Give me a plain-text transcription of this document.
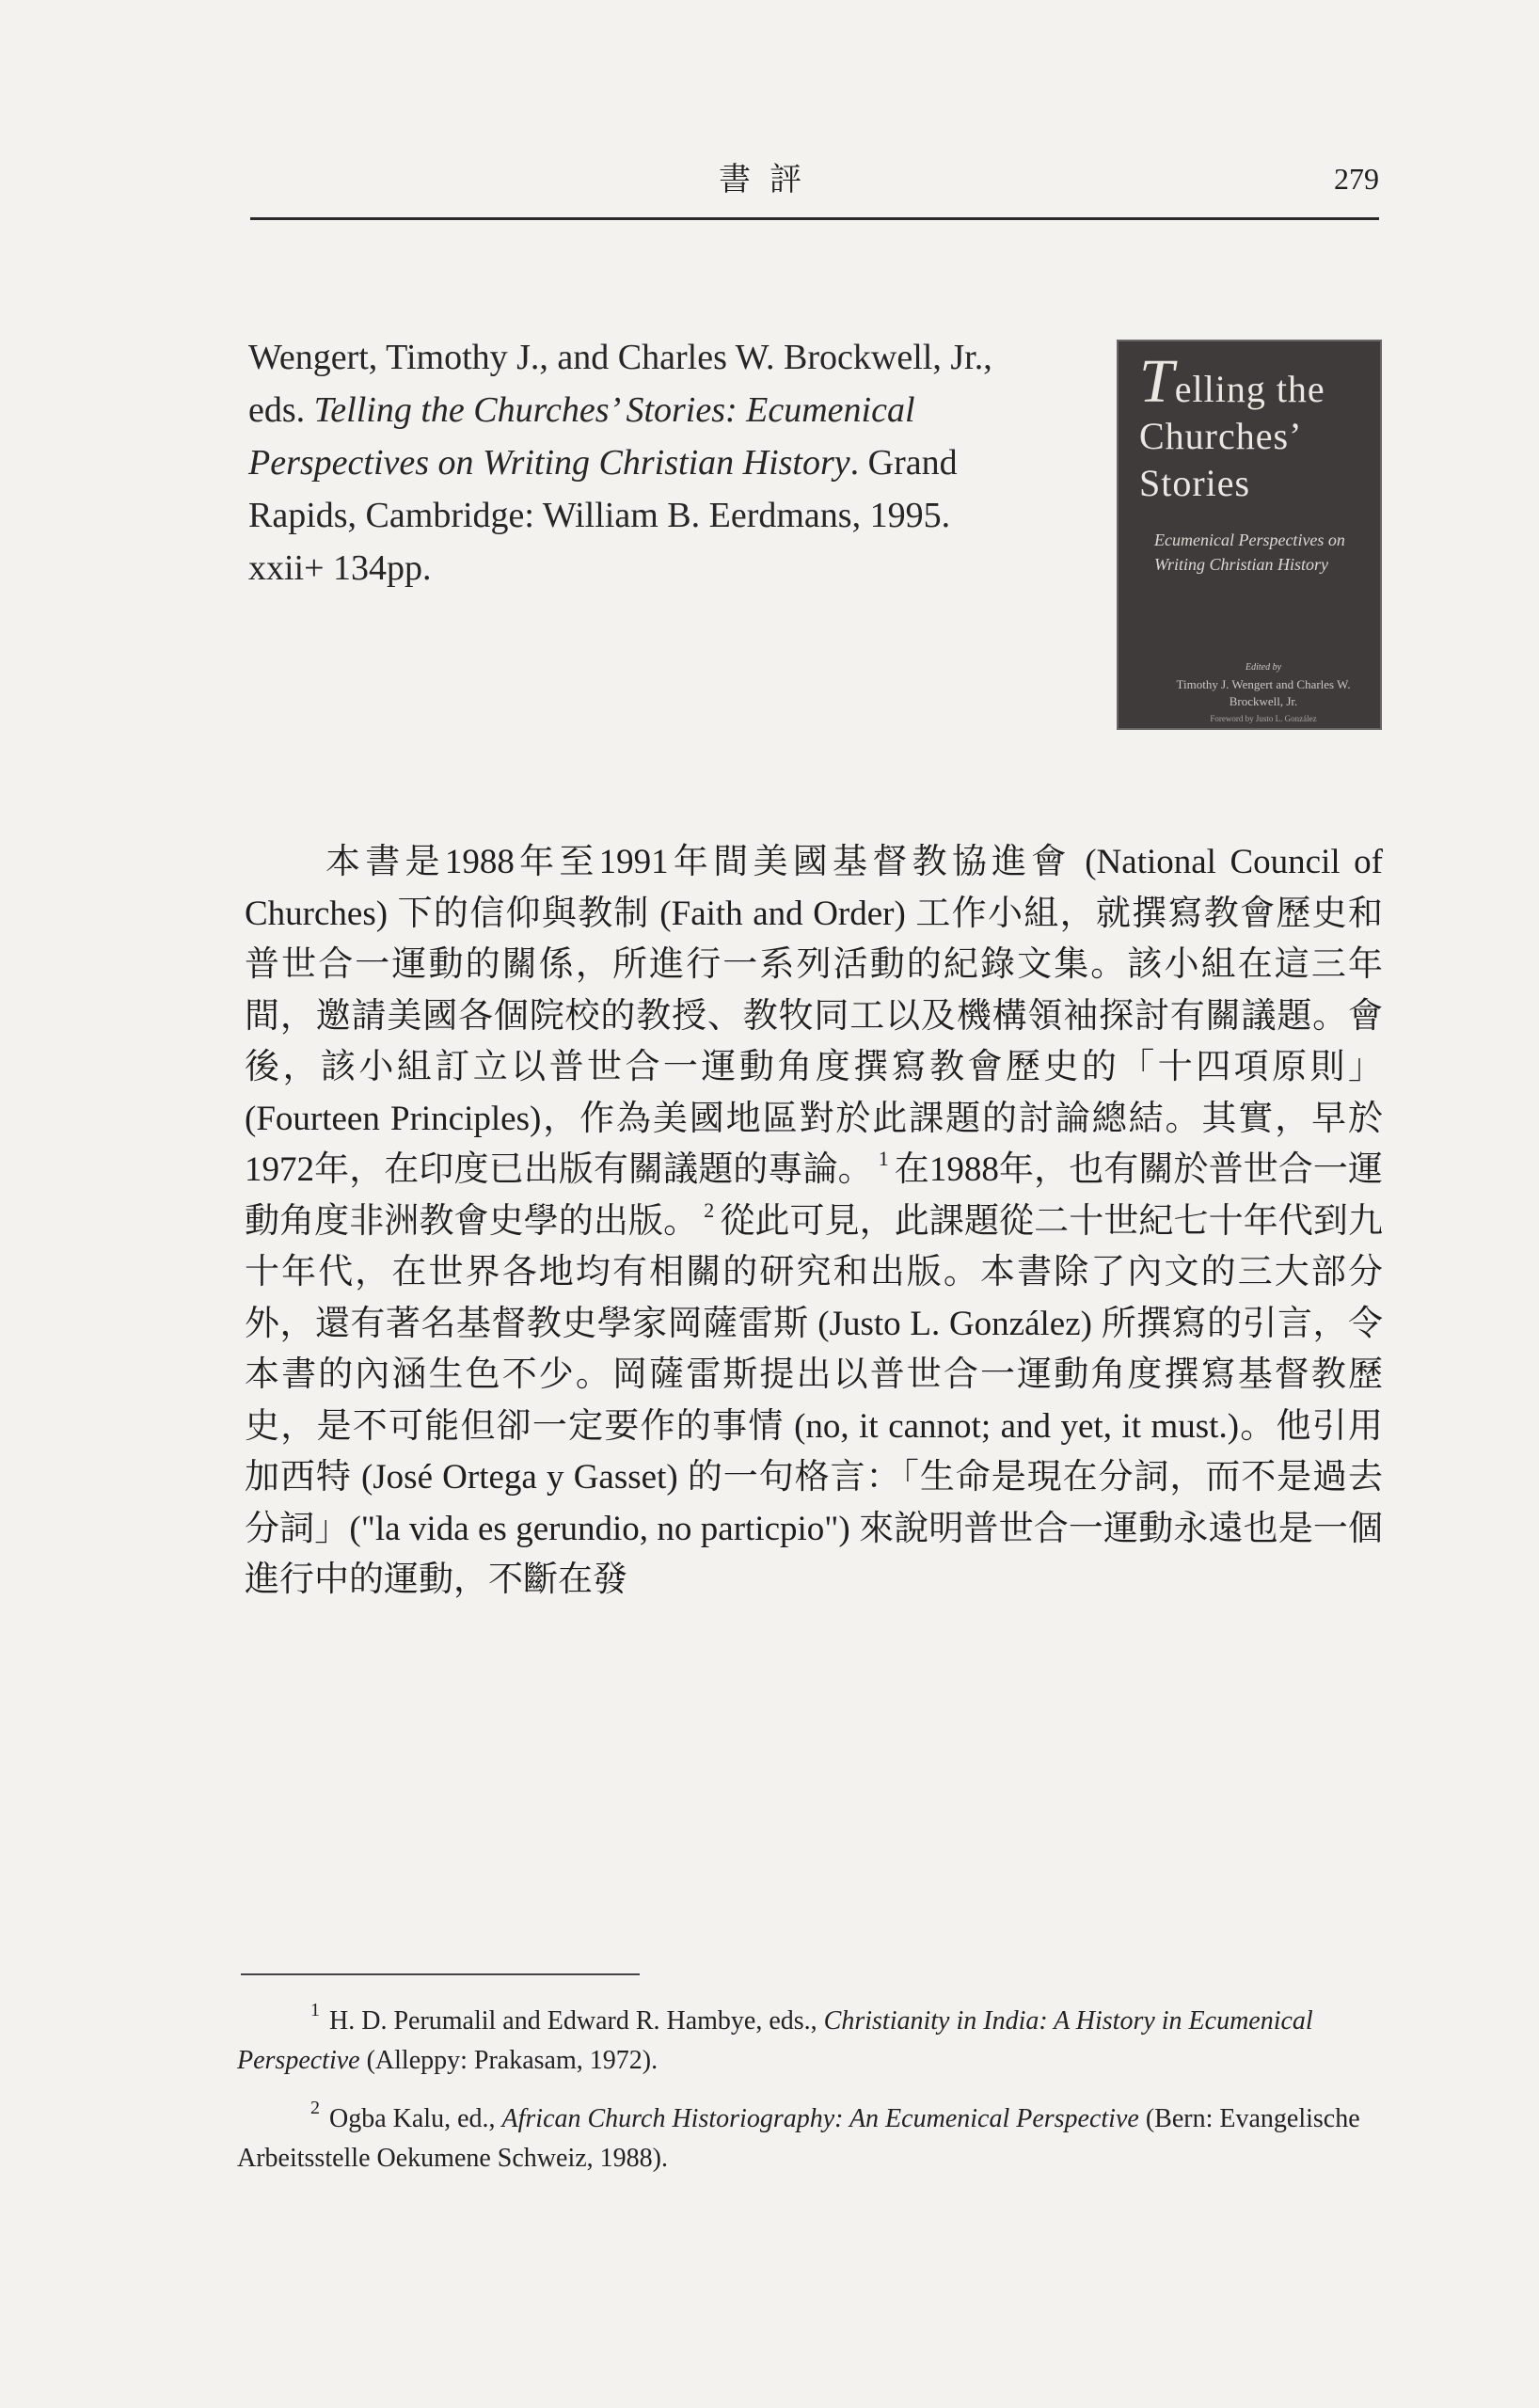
書評	279
Wengert, Timothy J., and Charles W. Brockwell, Jr., eds. Telling the Churches’ Stories: Ecumenical Perspectives on Writing Christian History. Grand Rapids, Cambridge: William B. Eerdmans, 1995. xxii+ 134pp.
Telling the
Churches’
Stories
Ecumenical Perspectives on Writing Christian History
Edited by
Timothy J. Wengert and Charles W. Brockwell, Jr.
Foreword by Justo L. González
本書是1988年至1991年間美國基督教協進會 (National Council of Churches) 下的信仰與教制 (Faith and Order) 工作小組，就撰寫教會歷史和普世合一運動的關係，所進行一系列活動的紀錄文集。該小組在這三年間，邀請美國各個院校的教授、教牧同工以及機構領袖探討有關議題。會後，該小組訂立以普世合一運動角度撰寫教會歷史的「十四項原則」(Fourteen Principles)，作為美國地區對於此課題的討論總結。其實，早於1972年，在印度已出版有關議題的專論。 $^1$ 在1988年，也有關於普世合一運動角度非洲教會史學的出版。 $^2$ 從此可見，此課題從二十世紀七十年代到九十年代，在世界各地均有相關的研究和出版。本書除了內文的三大部分外，還有著名基督教史學家岡薩雷斯 (Justo L. González) 所撰寫的引言，令本書的內涵生色不少。岡薩雷斯提出以普世合一運動角度撰寫基督教歷史，是不可能但卻一定要作的事情 (no, it cannot; and yet, it must.)。他引用加西特 (José Ortega y Gasset) 的一句格言：「生命是現在分詞，而不是過去分詞」("la vida es gerundio, no particpio") 來說明普世合一運動永遠也是一個進行中的運動，不斷在發
$^1$ H. D. Perumalil and Edward R. Hambye, eds., Christianity in India: A History in Ecumenical Perspective (Alleppy: Prakasam, 1972).
$^2$ Ogba Kalu, ed., African Church Historiography: An Ecumenical Perspective (Bern: Evangelische Arbeitsstelle Oekumene Schweiz, 1988).
